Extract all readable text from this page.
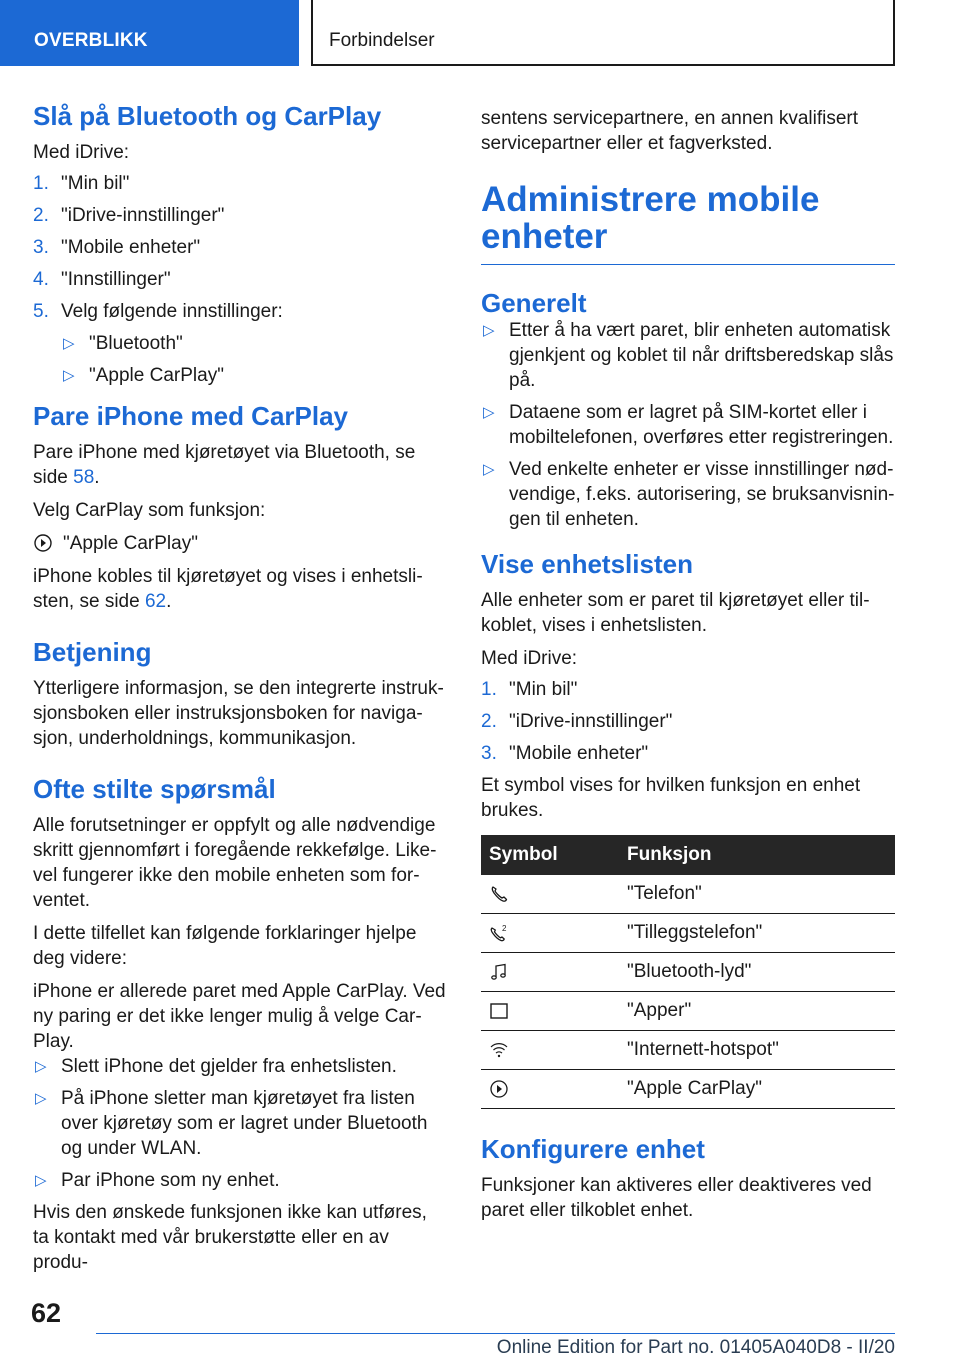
OVERBLIKK	Forbindelser
Slå på Bluetooth og CarPlay

Med iDrive:

1. "Min bil"
2. "iDrive-innstillinger"
3. "Mobile enheter"
4. "Innstillinger"
5. Velg følgende innstillinger:
▷ "Bluetooth"
▷ "Apple CarPlay"
Pare iPhone med CarPlay

Pare iPhone med kjøretøyet via Bluetooth, se side 58.

Velg CarPlay som funksjon:

"Apple CarPlay"

iPhone kobles til kjøretøyet og vises i enhetslisten, se side 62.

Betjening

Ytterligere informasjon, se den integrerte instruksjonsboken eller instruksjonsboken for navigasjon, underholdnings, kommunikasjon.

Ofte stilte spørsmål

Alle forutsetninger er oppfylt og alle nødvendige skritt gjennomført i foregående rekkefølge. Likevel fungerer ikke den mobile enheten som forventet.

I dette tilfellet kan følgende forklaringer hjelpe deg videre:

iPhone er allerede paret med Apple CarPlay. Ved ny paring er det ikke lenger mulig å velge CarPlay.

▷ Slett iPhone det gjelder fra enhetslisten.
▷ På iPhone sletter man kjøretøyet fra listen over kjøretøy som er lagret under Bluetooth og under WLAN.
▷ Par iPhone som ny enhet.

Hvis den ønskede funksjonen ikke kan utføres, ta kontakt med vår brukerstøtte eller en av produ-

sentens servicepartnere, en annen kvalifisert servicepartner eller et fagverksted.

Administrere mobile enheter
Generelt
▷ Etter å ha vært paret, blir enheten automatisk gjenkjent og koblet til når driftsberedskap slås på.
▷ Dataene som er lagret på SIM-kortet eller i mobiltelefonen, overføres etter registreringen.
▷ Ved enkelte enheter er visse innstillinger nødvendige, f.eks. autorisering, se bruksanvisningen til enheten.
Vise enhetslisten

Alle enheter som er paret til kjøretøyet eller tilkoblet, vises i enhetslisten.

Med iDrive:

1. "Min bil"
2. "iDrive-innstillinger"
3. "Mobile enheter"

Et symbol vises for hvilken funksjon en enhet brukes.

Symbol	Funksjon

	"Telefon"

2	"Tilleggstelefon"

	"Bluetooth-lyd"

	"Apper"

	"Internett-hotspot"

	"Apple CarPlay"
Konfigurere enhet

Funksjoner kan aktiveres eller deaktiveres ved paret eller tilkoblet enhet.

62
Online Edition for Part no. 01405A040D8 - II/20
